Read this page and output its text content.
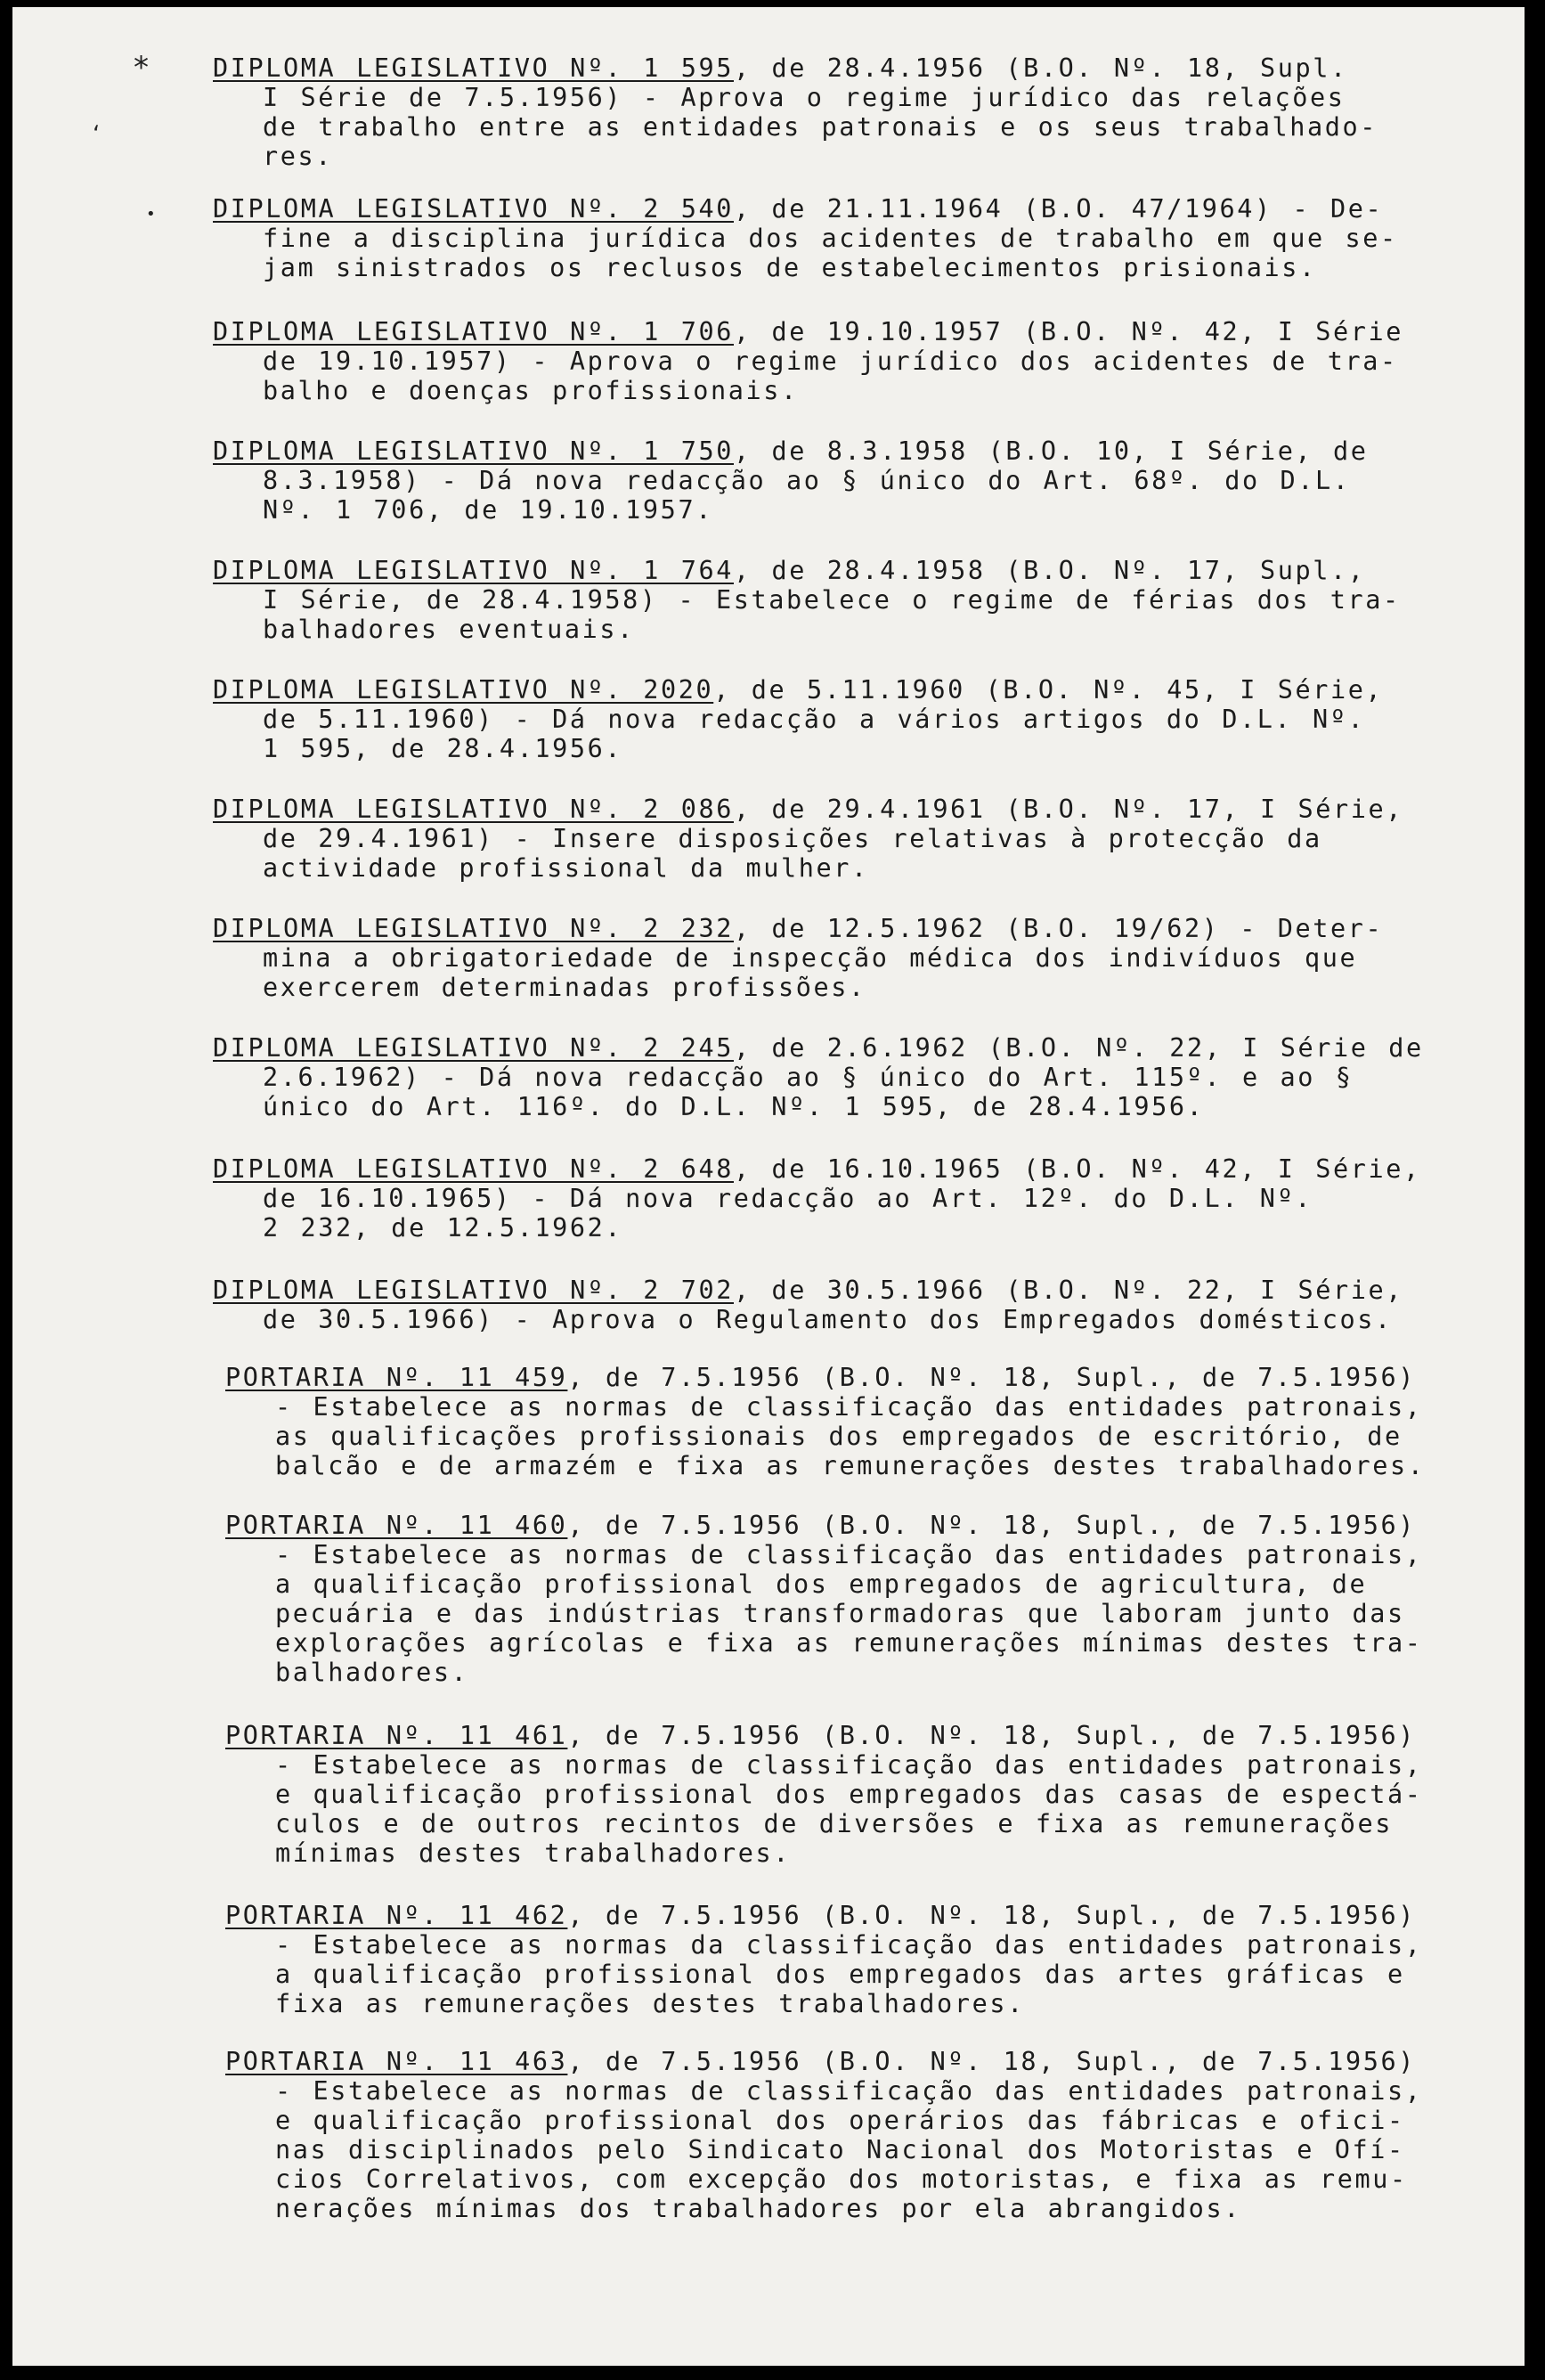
*
ʻ
•

DIPLOMA LEGISLATIVO Nº. 1 595, de 28.4.1956 (B.O. Nº. 18, Supl.

I Série de 7.5.1956) - Aprova o regime jurídico das relações

de trabalho entre as entidades patronais e os seus trabalhado-

res.

DIPLOMA LEGISLATIVO Nº. 2 540, de 21.11.1964 (B.O. 47/1964) - De-

fine a disciplina jurídica dos acidentes de trabalho em que se-

jam sinistrados os reclusos de estabelecimentos prisionais.

DIPLOMA LEGISLATIVO Nº. 1 706, de 19.10.1957 (B.O. Nº. 42, I Série

de 19.10.1957) - Aprova o regime jurídico dos acidentes de tra-

balho e doenças profissionais.

DIPLOMA LEGISLATIVO Nº. 1 750, de 8.3.1958 (B.O. 10, I Série, de

8.3.1958) - Dá nova redacção ao § único do Art. 68º. do D.L.

Nº. 1 706, de 19.10.1957.

DIPLOMA LEGISLATIVO Nº. 1 764, de 28.4.1958 (B.O. Nº. 17, Supl.,

I Série, de 28.4.1958) - Estabelece o regime de férias dos tra-

balhadores eventuais.

DIPLOMA LEGISLATIVO Nº. 2020, de 5.11.1960 (B.O. Nº. 45, I Série,

de 5.11.1960) - Dá nova redacção a vários artigos do D.L. Nº.

1 595, de 28.4.1956.

DIPLOMA LEGISLATIVO Nº. 2 086, de 29.4.1961 (B.O. Nº. 17, I Série,

de 29.4.1961) - Insere disposições relativas à protecção da

actividade profissional da mulher.

DIPLOMA LEGISLATIVO Nº. 2 232, de 12.5.1962 (B.O. 19/62) - Deter-

mina a obrigatoriedade de inspecção médica dos indivíduos que

exercerem determinadas profissões.

DIPLOMA LEGISLATIVO Nº. 2 245, de 2.6.1962 (B.O. Nº. 22, I Série de

2.6.1962) - Dá nova redacção ao § único do Art. 115º. e ao §

único do Art. 116º. do D.L. Nº. 1 595, de 28.4.1956.

DIPLOMA LEGISLATIVO Nº. 2 648, de 16.10.1965 (B.O. Nº. 42, I Série,

de 16.10.1965) - Dá nova redacção ao Art. 12º. do D.L. Nº.

2 232, de 12.5.1962.

DIPLOMA LEGISLATIVO Nº. 2 702, de 30.5.1966 (B.O. Nº. 22, I Série,

de 30.5.1966) - Aprova o Regulamento dos Empregados domésticos.

PORTARIA Nº. 11 459, de 7.5.1956 (B.O. Nº. 18, Supl., de 7.5.1956)

- Estabelece as normas de classificação das entidades patronais,

as qualificações profissionais dos empregados de escritório, de

balcão e de armazém e fixa as remunerações destes trabalhadores.

PORTARIA Nº. 11 460, de 7.5.1956 (B.O. Nº. 18, Supl., de 7.5.1956)

- Estabelece as normas de classificação das entidades patronais,

a qualificação profissional dos empregados de agricultura, de

pecuária e das indústrias transformadoras que laboram junto das

explorações agrícolas e fixa as remunerações mínimas destes tra-

balhadores.

PORTARIA Nº. 11 461, de 7.5.1956 (B.O. Nº. 18, Supl., de 7.5.1956)

- Estabelece as normas de classificação das entidades patronais,

e qualificação profissional dos empregados das casas de espectá-

culos e de outros recintos de diversões e fixa as remunerações

mínimas destes trabalhadores.

PORTARIA Nº. 11 462, de 7.5.1956 (B.O. Nº. 18, Supl., de 7.5.1956)

- Estabelece as normas da classificação das entidades patronais,

a qualificação profissional dos empregados das artes gráficas e

fixa as remunerações destes trabalhadores.

PORTARIA Nº. 11 463, de 7.5.1956 (B.O. Nº. 18, Supl., de 7.5.1956)

- Estabelece as normas de classificação das entidades patronais,

e qualificação profissional dos operários das fábricas e ofici-

nas disciplinados pelo Sindicato Nacional dos Motoristas e Ofí-

cios Correlativos, com excepção dos motoristas, e fixa as remu-

nerações mínimas dos trabalhadores por ela abrangidos.
